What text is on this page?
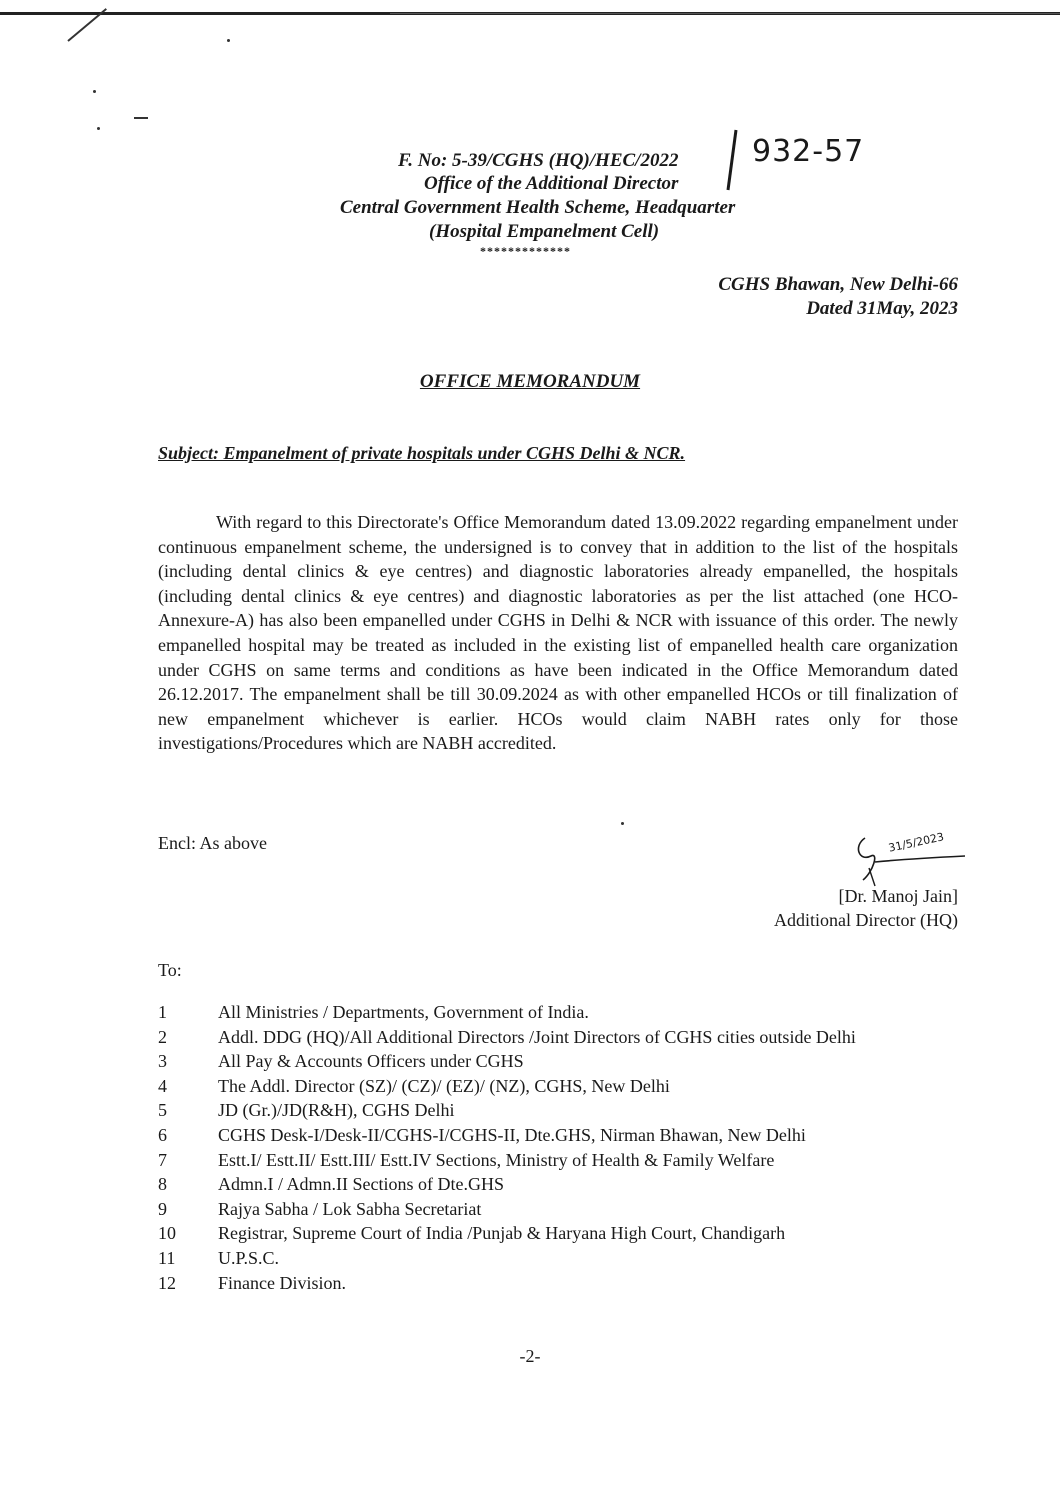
F. No: 5-39/CGHS (HQ)/HEC/2022 932-57
Office of the Additional Director
Central Government Health Scheme, Headquarter
(Hospital Empanelment Cell)
*************
CGHS Bhawan, New Delhi-66
Dated 31May, 2023
OFFICE MEMORANDUM
Subject: Empanelment of private hospitals under CGHS Delhi & NCR.
With regard to this Directorate's Office Memorandum dated 13.09.2022 regarding empanelment under continuous empanelment scheme, the undersigned is to convey that in addition to the list of the hospitals (including dental clinics & eye centres) and diagnostic laboratories already empanelled, the hospitals (including dental clinics & eye centres) and diagnostic laboratories as per the list attached (one HCO-Annexure-A) has also been empanelled under CGHS in Delhi & NCR with issuance of this order. The newly empanelled hospital may be treated as included in the existing list of empanelled health care organization under CGHS on same terms and conditions as have been indicated in the Office Memorandum dated 26.12.2017. The empanelment shall be till 30.09.2024 as with other empanelled HCOs or till finalization of new empanelment whichever is earlier. HCOs would claim NABH rates only for those investigations/Procedures which are NABH accredited.
Encl: As above	31/5/2023
[Dr. Manoj Jain]
Additional Director (HQ)
To:
1	All Ministries / Departments, Government of India.
2	Addl. DDG (HQ)/All Additional Directors /Joint Directors of CGHS cities outside Delhi
3	All Pay & Accounts Officers under CGHS
4	The Addl. Director (SZ)/ (CZ)/ (EZ)/ (NZ), CGHS, New Delhi
5	JD (Gr.)/JD(R&H), CGHS Delhi
6	CGHS Desk-I/Desk-II/CGHS-I/CGHS-II, Dte.GHS, Nirman Bhawan, New Delhi
7	Estt.I/ Estt.II/ Estt.III/ Estt.IV Sections, Ministry of Health & Family Welfare
8	Admn.I / Admn.II Sections of Dte.GHS
9	Rajya Sabha / Lok Sabha Secretariat
10	Registrar, Supreme Court of India /Punjab & Haryana High Court, Chandigarh
11	U.P.S.C.
12	Finance Division.
-2-
